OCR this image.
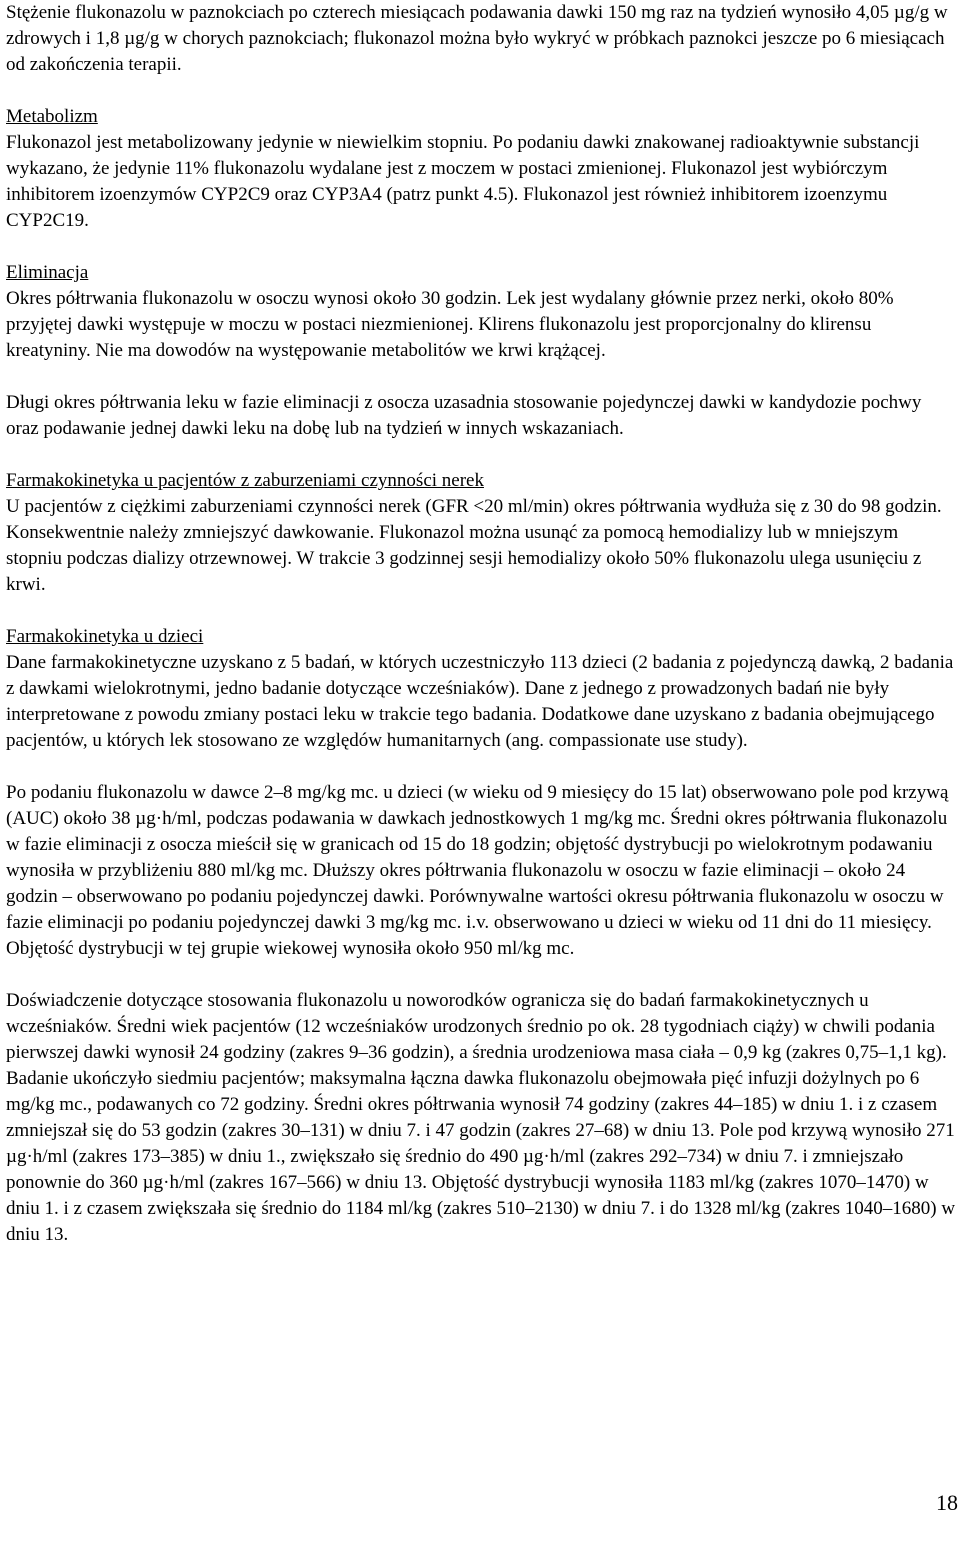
Stężenie flukonazolu w paznokciach po czterech miesiącach podawania dawki 150 mg raz na tydzień wynosiło 4,05 µg/g w zdrowych i 1,8 µg/g w chorych paznokciach; flukonazol można było wykryć w próbkach paznokci jeszcze po 6 miesiącach od zakończenia terapii.

Metabolizm

Flukonazol jest metabolizowany jedynie w niewielkim stopniu. Po podaniu dawki znakowanej radioaktywnie substancji wykazano, że jedynie 11% flukonazolu wydalane jest z moczem w postaci zmienionej. Flukonazol jest wybiórczym inhibitorem izoenzymów CYP2C9 oraz CYP3A4 (patrz punkt 4.5). Flukonazol jest również inhibitorem izoenzymu CYP2C19.

Eliminacja

Okres półtrwania flukonazolu w osoczu wynosi około 30 godzin. Lek jest wydalany głównie przez nerki, około 80% przyjętej dawki występuje w moczu w postaci niezmienionej. Klirens flukonazolu jest proporcjonalny do klirensu kreatyniny. Nie ma dowodów na występowanie metabolitów we krwi krążącej.

Długi okres półtrwania leku w fazie eliminacji z osocza uzasadnia stosowanie pojedynczej dawki w kandydozie pochwy oraz podawanie jednej dawki leku na dobę lub na tydzień w innych wskazaniach.

Farmakokinetyka u pacjentów z zaburzeniami czynności nerek

U pacjentów z ciężkimi zaburzeniami czynności nerek (GFR <20 ml/min) okres półtrwania wydłuża się z 30 do 98 godzin. Konsekwentnie należy zmniejszyć dawkowanie. Flukonazol można usunąć za pomocą hemodializy lub w mniejszym stopniu podczas dializy otrzewnowej. W trakcie 3 godzinnej sesji hemodializy około 50% flukonazolu ulega usunięciu z krwi.

Farmakokinetyka u dzieci

Dane farmakokinetyczne uzyskano z 5 badań, w których uczestniczyło 113 dzieci (2 badania z pojedynczą dawką, 2 badania z dawkami wielokrotnymi, jedno badanie dotyczące wcześniaków). Dane z jednego z prowadzonych badań nie były interpretowane z powodu zmiany postaci leku w trakcie tego badania. Dodatkowe dane uzyskano z badania obejmującego pacjentów, u których lek stosowano ze względów humanitarnych (ang. compassionate use study).

Po podaniu flukonazolu w dawce 2–8 mg/kg mc. u dzieci (w wieku od 9 miesięcy do 15 lat) obserwowano pole pod krzywą (AUC) około 38 µg·h/ml, podczas podawania w dawkach jednostkowych 1 mg/kg mc. Średni okres półtrwania flukonazolu w fazie eliminacji z osocza mieścił się w granicach od 15 do 18 godzin; objętość dystrybucji po wielokrotnym podawaniu wynosiła w przybliżeniu 880 ml/kg mc. Dłuższy okres półtrwania flukonazolu w osoczu w fazie eliminacji – około 24 godzin – obserwowano po podaniu pojedynczej dawki. Porównywalne wartości okresu półtrwania flukonazolu w osoczu w fazie eliminacji po podaniu pojedynczej dawki 3 mg/kg mc. i.v. obserwowano u dzieci w wieku od 11 dni do 11 miesięcy. Objętość dystrybucji w tej grupie wiekowej wynosiła około 950 ml/kg mc.

Doświadczenie dotyczące stosowania flukonazolu u noworodków ogranicza się do badań farmakokinetycznych u wcześniaków. Średni wiek pacjentów (12 wcześniaków urodzonych średnio po ok. 28 tygodniach ciąży) w chwili podania pierwszej dawki wynosił 24 godziny (zakres 9–36 godzin), a średnia urodzeniowa masa ciała – 0,9 kg (zakres 0,75–1,1 kg). Badanie ukończyło siedmiu pacjentów; maksymalna łączna dawka flukonazolu obejmowała pięć infuzji dożylnych po 6 mg/kg mc., podawanych co 72 godziny. Średni okres półtrwania wynosił 74 godziny (zakres 44–185) w dniu 1. i z czasem zmniejszał się do 53 godzin (zakres 30–131) w dniu 7. i 47 godzin (zakres 27–68) w dniu 13. Pole pod krzywą wynosiło 271 µg·h/ml (zakres 173–385) w dniu 1., zwiększało się średnio do 490 µg·h/ml (zakres 292–734) w dniu 7. i zmniejszało ponownie do 360 µg·h/ml (zakres 167–566) w dniu 13. Objętość dystrybucji wynosiła 1183 ml/kg (zakres 1070–1470) w dniu 1. i z czasem zwiększała się średnio do 1184 ml/kg (zakres 510–2130) w dniu 7. i do 1328 ml/kg (zakres 1040–1680) w dniu 13.

18
